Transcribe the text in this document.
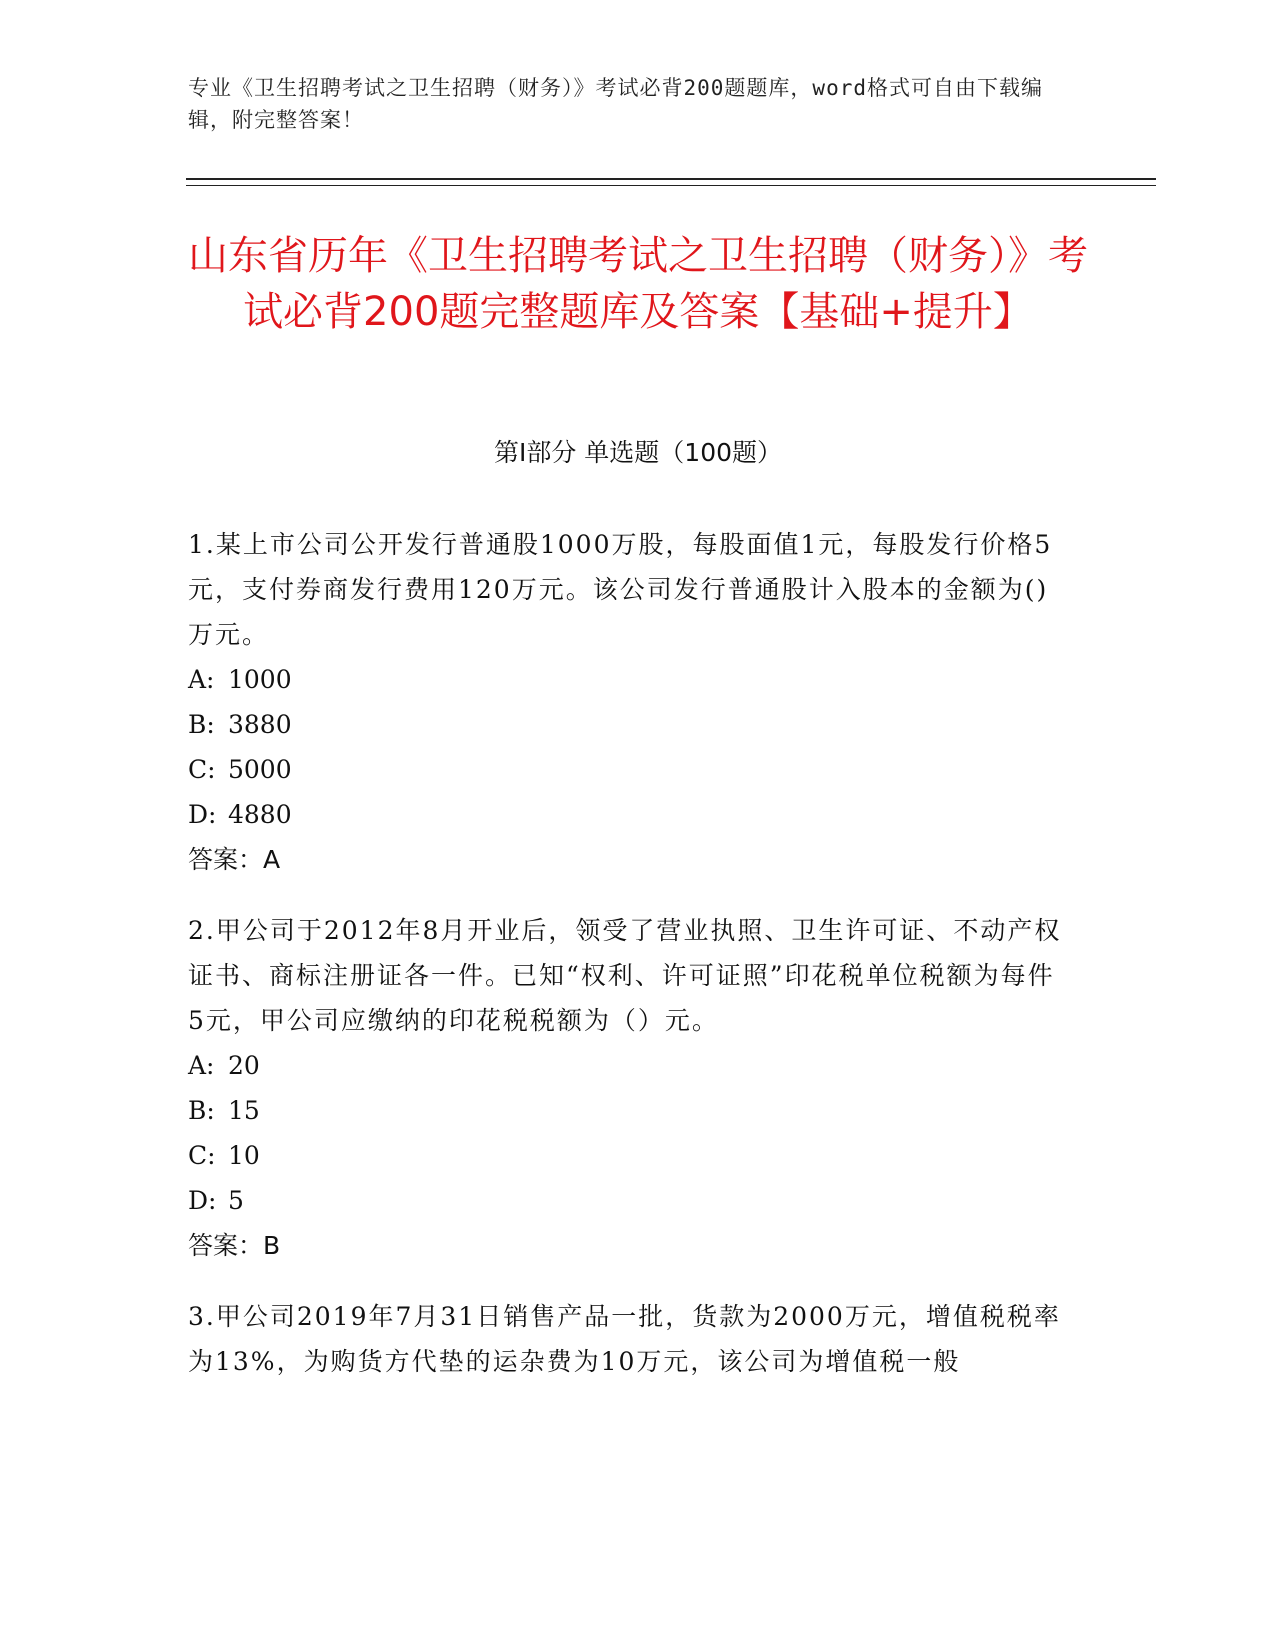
专业《卫生招聘考试之卫生招聘（财务）》考试必背200题题库，word格式可自由下载编辑，附完整答案！
山东省历年《卫生招聘考试之卫生招聘（财务）》考试必背200题完整题库及答案【基础+提升】
第Ⅰ部分 单选题（100题）

1.某上市公司公开发行普通股1000万股，每股面值1元，每股发行价格5元，支付券商发行费用120万元。该公司发行普通股计入股本的金额为()万元。

A: 1000

B: 3880

C: 5000

D: 4880

答案：A

2.甲公司于2012年8月开业后，领受了营业执照、卫生许可证、不动产权证书、商标注册证各一件。已知“权利、许可证照”印花税单位税额为每件5元，甲公司应缴纳的印花税税额为（）元。

A: 20

B: 15

C: 10

D: 5

答案：B

3.甲公司2019年7月31日销售产品一批，货款为2000万元，增值税税率为13%，为购货方代垫的运杂费为10万元，该公司为增值税一般
